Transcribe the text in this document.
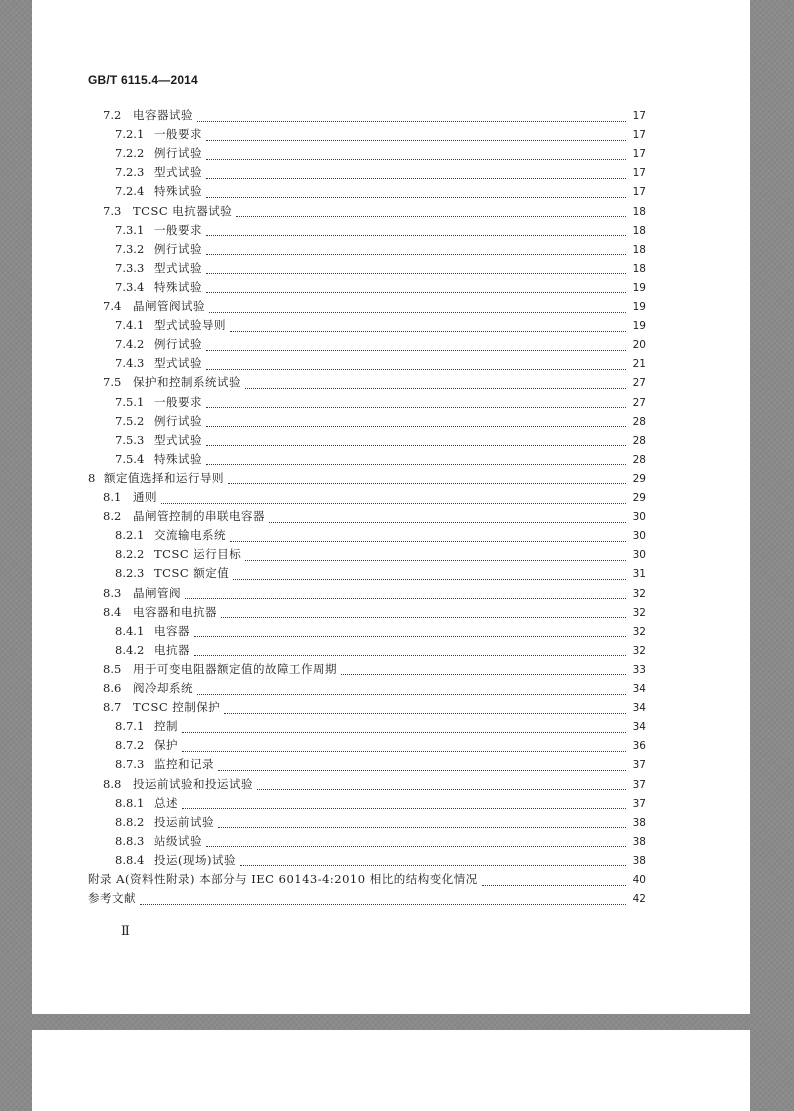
GB/T 6115.4—2014
7.2	电容器试验	17
7.2.1 一般要求	17
7.2.2 例行试验	17
7.2.3 型式试验	17
7.2.4 特殊试验	17
7.3	TCSC 电抗器试验	18
7.3.1 一般要求	18
7.3.2 例行试验	18
7.3.3 型式试验	18
7.3.4 特殊试验	19
7.4	晶闸管阀试验	19
7.4.1 型式试验导则	19
7.4.2 例行试验	20
7.4.3 型式试验	21
7.5	保护和控制系统试验	27
7.5.1 一般要求	27
7.5.2 例行试验	28
7.5.3 型式试验	28
7.5.4 特殊试验	28
8 额定值选择和运行导则	29
8.1	通则	29
8.2	晶闸管控制的串联电容器	30
8.2.1 交流输电系统	30
8.2.2 TCSC 运行目标	30
8.2.3 TCSC 额定值	31
8.3	晶闸管阀	32
8.4	电容器和电抗器	32
8.4.1 电容器	32
8.4.2 电抗器	32
8.5	用于可变电阻器额定值的故障工作周期	33
8.6	阀冷却系统	34
8.7	TCSC 控制保护	34
8.7.1 控制	34
8.7.2 保护	36
8.7.3 监控和记录	37
8.8	投运前试验和投运试验	37
8.8.1 总述	37
8.8.2 投运前试验	38
8.8.3 站级试验	38
8.8.4 投运(现场)试验	38
附录 A(资料性附录) 本部分与 IEC 60143-4:2010 相比的结构变化情况	40
参考文献	42
Ⅱ
